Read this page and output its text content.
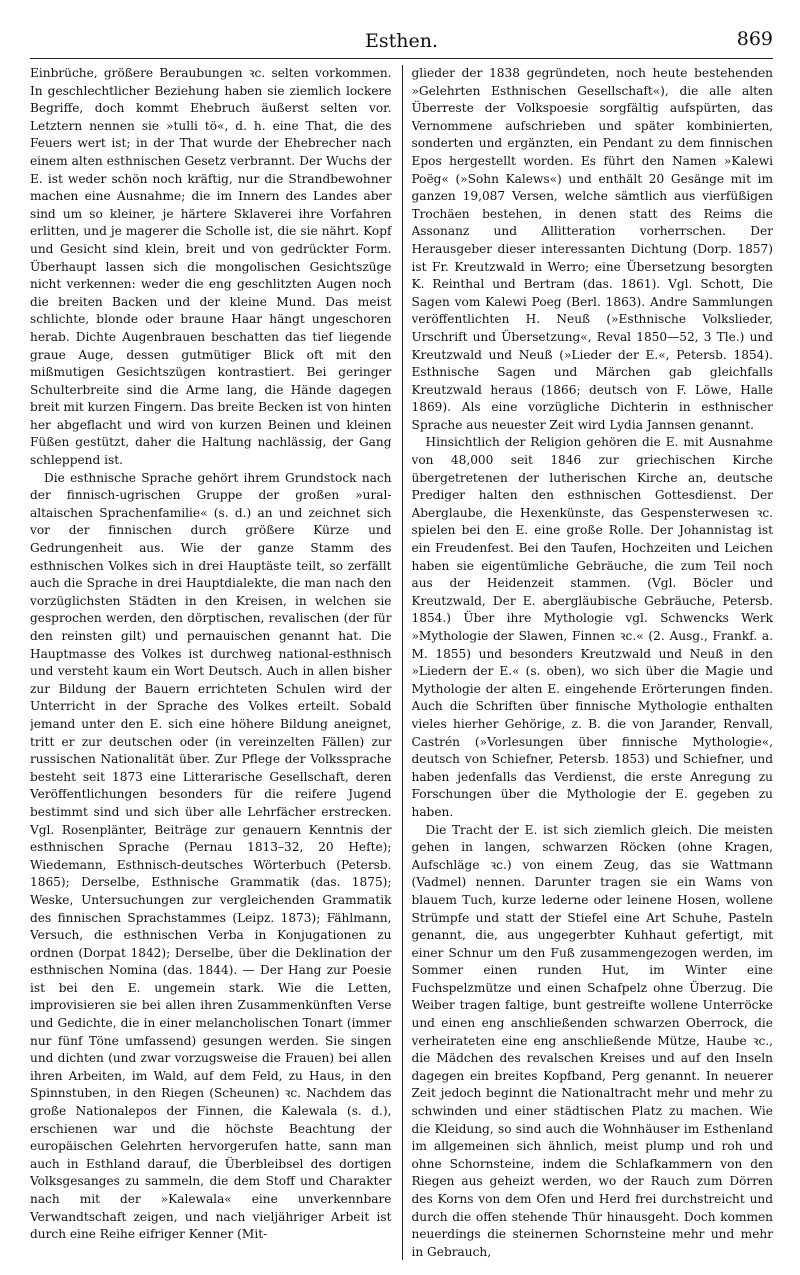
Esthen.	869

Einbrüche, größere Beraubungen ꝛc. selten vorkommen. In geschlechtlicher Beziehung haben sie ziemlich lockere Begriffe, doch kommt Ehebruch äußerst selten vor. Letztern nennen sie »tulli tö«, d. h. eine That, die des Feuers wert ist; in der That wurde der Ehebrecher nach einem alten esthnischen Gesetz verbrannt. Der Wuchs der E. ist weder schön noch kräftig, nur die Strandbewohner machen eine Ausnahme; die im Innern des Landes aber sind um so kleiner, je härtere Sklaverei ihre Vorfahren erlitten, und je magerer die Scholle ist, die sie nährt. Kopf und Gesicht sind klein, breit und von gedrückter Form. Überhaupt lassen sich die mongolischen Gesichtszüge nicht verkennen: weder die eng geschlitzten Augen noch die breiten Backen und der kleine Mund. Das meist schlichte, blonde oder braune Haar hängt ungeschoren herab. Dichte Augenbrauen beschatten das tief liegende graue Auge, dessen gutmütiger Blick oft mit den mißmutigen Gesichtszügen kontrastiert. Bei geringer Schulterbreite sind die Arme lang, die Hände dagegen breit mit kurzen Fingern. Das breite Becken ist von hinten her abgeflacht und wird von kurzen Beinen und kleinen Füßen gestützt, daher die Haltung nachlässig, der Gang schleppend ist.

Die esthnische Sprache gehört ihrem Grundstock nach der finnisch-ugrischen Gruppe der großen »ural-altaischen Sprachenfamilie« (s. d.) an und zeichnet sich vor der finnischen durch größere Kürze und Gedrungenheit aus. Wie der ganze Stamm des esthnischen Volkes sich in drei Hauptäste teilt, so zerfällt auch die Sprache in drei Hauptdialekte, die man nach den vorzüglichsten Städten in den Kreisen, in welchen sie gesprochen werden, den dörptischen, revalischen (der für den reinsten gilt) und pernauischen genannt hat. Die Hauptmasse des Volkes ist durchweg national-esthnisch und versteht kaum ein Wort Deutsch. Auch in allen bisher zur Bildung der Bauern errichteten Schulen wird der Unterricht in der Sprache des Volkes erteilt. Sobald jemand unter den E. sich eine höhere Bildung aneignet, tritt er zur deutschen oder (in vereinzelten Fällen) zur russischen Nationalität über. Zur Pflege der Volkssprache besteht seit 1873 eine Litterarische Gesellschaft, deren Veröffentlichungen besonders für die reifere Jugend bestimmt sind und sich über alle Lehrfächer erstrecken. Vgl. Rosenplänter, Beiträge zur genauern Kenntnis der esthnischen Sprache (Pernau 1813–32, 20 Hefte); Wiedemann, Esthnisch-deutsches Wörterbuch (Petersb. 1865); Derselbe, Esthnische Grammatik (das. 1875); Weske, Untersuchungen zur vergleichenden Grammatik des finnischen Sprachstammes (Leipz. 1873); Fählmann, Versuch, die esthnischen Verba in Konjugationen zu ordnen (Dorpat 1842); Derselbe, über die Deklination der esthnischen Nomina (das. 1844). — Der Hang zur Poesie ist bei den E. ungemein stark. Wie die Letten, improvisieren sie bei allen ihren Zusammenkünften Verse und Gedichte, die in einer melancholischen Tonart (immer nur fünf Töne umfassend) gesungen werden. Sie singen und dichten (und zwar vorzugsweise die Frauen) bei allen ihren Arbeiten, im Wald, auf dem Feld, zu Haus, in den Spinnstuben, in den Riegen (Scheunen) ꝛc. Nachdem das große Nationalepos der Finnen, die Kalewala (s. d.), erschienen war und die höchste Beachtung der europäischen Gelehrten hervorgerufen hatte, sann man auch in Esthland darauf, die Überbleibsel des dortigen Volksgesanges zu sammeln, die dem Stoff und Charakter nach mit der »Kalewala« eine unverkennbare Verwandtschaft zeigen, und nach vieljähriger Arbeit ist durch eine Reihe eifriger Kenner (Mit-

glieder der 1838 gegründeten, noch heute bestehenden »Gelehrten Esthnischen Gesellschaft«), die alle alten Überreste der Volkspoesie sorgfältig aufspürten, das Vernommene aufschrieben und später kombinierten, sonderten und ergänzten, ein Pendant zu dem finnischen Epos hergestellt worden. Es führt den Namen »Kalewi Poëg« (»Sohn Kalews«) und enthält 20 Gesänge mit im ganzen 19,087 Versen, welche sämtlich aus vierfüßigen Trochäen bestehen, in denen statt des Reims die Assonanz und Allitteration vorherrschen. Der Herausgeber dieser interessanten Dichtung (Dorp. 1857) ist Fr. Kreutzwald in Werro; eine Übersetzung besorgten K. Reinthal und Bertram (das. 1861). Vgl. Schott, Die Sagen vom Kalewi Poeg (Berl. 1863). Andre Sammlungen veröffentlichten H. Neuß (»Esthnische Volkslieder, Urschrift und Übersetzung«, Reval 1850—52, 3 Tle.) und Kreutzwald und Neuß (»Lieder der E.«, Petersb. 1854). Esthnische Sagen und Märchen gab gleichfalls Kreutzwald heraus (1866; deutsch von F. Löwe, Halle 1869). Als eine vorzügliche Dichterin in esthnischer Sprache aus neuester Zeit wird Lydia Jannsen genannt.

Hinsichtlich der Religion gehören die E. mit Ausnahme von 48,000 seit 1846 zur griechischen Kirche übergetretenen der lutherischen Kirche an, deutsche Prediger halten den esthnischen Gottesdienst. Der Aberglaube, die Hexenkünste, das Gespensterwesen ꝛc. spielen bei den E. eine große Rolle. Der Johannistag ist ein Freudenfest. Bei den Taufen, Hochzeiten und Leichen haben sie eigentümliche Gebräuche, die zum Teil noch aus der Heidenzeit stammen. (Vgl. Böcler und Kreutzwald, Der E. abergläubische Gebräuche, Petersb. 1854.) Über ihre Mythologie vgl. Schwencks Werk »Mythologie der Slawen, Finnen ꝛc.« (2. Ausg., Frankf. a. M. 1855) und besonders Kreutzwald und Neuß in den »Liedern der E.« (s. oben), wo sich über die Magie und Mythologie der alten E. eingehende Erörterungen finden. Auch die Schriften über finnische Mythologie enthalten vieles hierher Gehörige, z. B. die von Jarander, Renvall, Castrén (»Vorlesungen über finnische Mythologie«, deutsch von Schiefner, Petersb. 1853) und Schiefner, und haben jedenfalls das Verdienst, die erste Anregung zu Forschungen über die Mythologie der E. gegeben zu haben.

Die Tracht der E. ist sich ziemlich gleich. Die meisten gehen in langen, schwarzen Röcken (ohne Kragen, Aufschläge ꝛc.) von einem Zeug, das sie Wattmann (Vadmel) nennen. Darunter tragen sie ein Wams von blauem Tuch, kurze lederne oder leinene Hosen, wollene Strümpfe und statt der Stiefel eine Art Schuhe, Pasteln genannt, die, aus ungegerbter Kuhhaut gefertigt, mit einer Schnur um den Fuß zusammengezogen werden, im Sommer einen runden Hut, im Winter eine Fuchspelzmütze und einen Schafpelz ohne Überzug. Die Weiber tragen faltige, bunt gestreifte wollene Unterröcke und einen eng anschließenden schwarzen Oberrock, die verheirateten eine eng anschließende Mütze, Haube ꝛc., die Mädchen des revalschen Kreises und auf den Inseln dagegen ein breites Kopfband, Perg genannt. In neuerer Zeit jedoch beginnt die Nationaltracht mehr und mehr zu schwinden und einer städtischen Platz zu machen. Wie die Kleidung, so sind auch die Wohnhäuser im Esthenland im allgemeinen sich ähnlich, meist plump und roh und ohne Schornsteine, indem die Schlafkammern von den Riegen aus geheizt werden, wo der Rauch zum Dörren des Korns von dem Ofen und Herd frei durchstreicht und durch die offen stehende Thür hinausgeht. Doch kommen neuerdings die steinernen Schornsteine mehr und mehr in Gebrauch,
